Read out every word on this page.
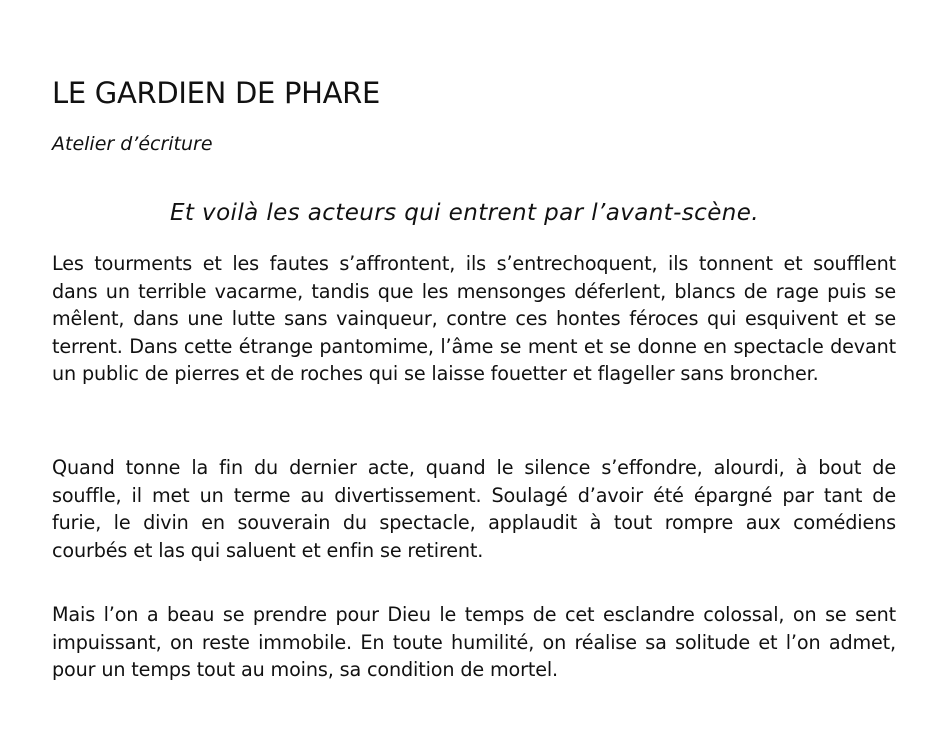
LE GARDIEN DE PHARE

Atelier d’écriture

Et voilà les acteurs qui entrent par l’avant-scène.

Les tourments et les fautes s’affrontent, ils s’entrechoquent, ils tonnent et soufflent dans un terrible vacarme, tandis que les mensonges déferlent, blancs de rage puis se mêlent, dans une lutte sans vainqueur, contre ces hontes féroces qui esquivent et se terrent. Dans cette étrange pantomime, l’âme se ment et se donne en spectacle devant un public de pierres et de roches qui se laisse fouetter et flageller sans broncher.

Quand tonne la fin du dernier acte, quand le silence s’effondre, alourdi, à bout de souffle, il met un terme au divertissement. Soulagé d’avoir été épargné par tant de furie, le divin en souverain du spectacle, applaudit à tout rompre aux comédiens courbés et las qui saluent et enfin se retirent.

Mais l’on a beau se prendre pour Dieu le temps de cet esclandre colossal, on se sent impuissant, on reste immobile. En toute humilité, on réalise sa solitude et l’on admet, pour un temps tout au moins, sa condition de mortel.
